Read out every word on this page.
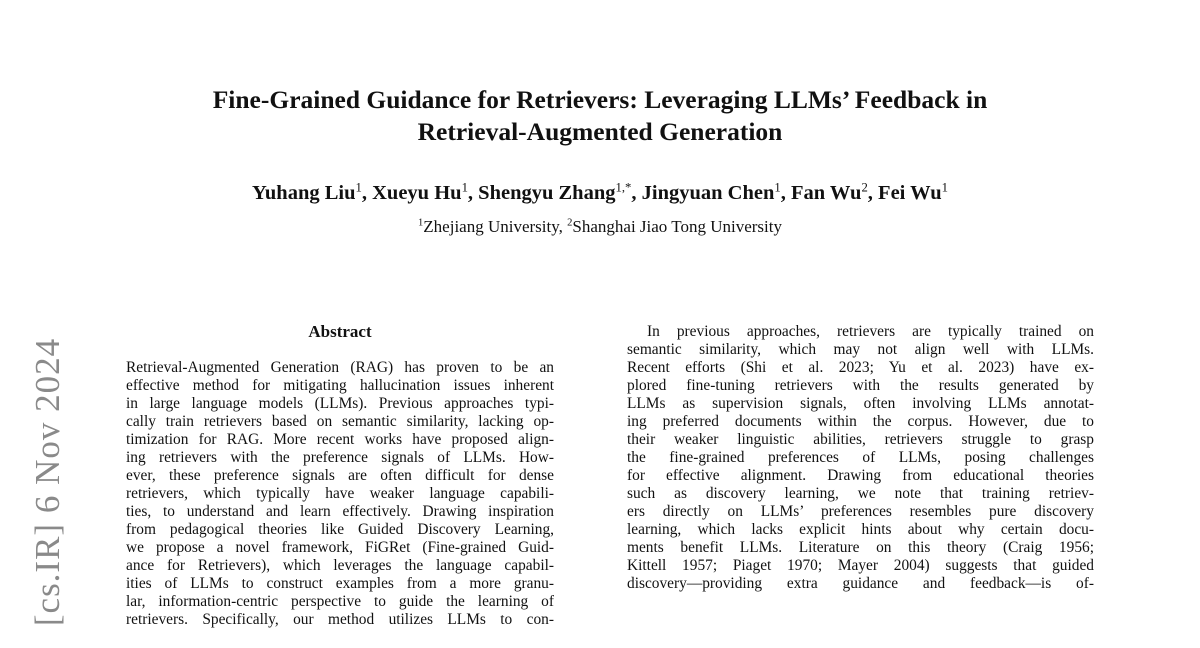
[cs.IR] 6 Nov 2024
Fine-Grained Guidance for Retrievers: Leveraging LLMs’ Feedback in
Retrieval-Augmented Generation
Yuhang Liu$^1$, Xueyu Hu$^1$, Shengyu Zhang$^{1,*}$, Jingyuan Chen$^1$, Fan Wu$^2$, Fei Wu$^1$
$^1$Zhejiang University, $^2$Shanghai Jiao Tong University
Abstract
Retrieval-Augmented Generation (RAG) has proven to be an
effective method for mitigating hallucination issues inherent
in large language models (LLMs). Previous approaches typi-
cally train retrievers based on semantic similarity, lacking op-
timization for RAG. More recent works have proposed align-
ing retrievers with the preference signals of LLMs. How-
ever, these preference signals are often difficult for dense
retrievers, which typically have weaker language capabili-
ties, to understand and learn effectively. Drawing inspiration
from pedagogical theories like Guided Discovery Learning,
we propose a novel framework, FiGRet (Fine-grained Guid-
ance for Retrievers), which leverages the language capabil-
ities of LLMs to construct examples from a more granu-
lar, information-centric perspective to guide the learning of
retrievers. Specifically, our method utilizes LLMs to con-
In previous approaches, retrievers are typically trained on
semantic similarity, which may not align well with LLMs.
Recent efforts (Shi et al. 2023; Yu et al. 2023) have ex-
plored fine-tuning retrievers with the results generated by
LLMs as supervision signals, often involving LLMs annotat-
ing preferred documents within the corpus. However, due to
their weaker linguistic abilities, retrievers struggle to grasp
the fine-grained preferences of LLMs, posing challenges
for effective alignment. Drawing from educational theories
such as discovery learning, we note that training retriev-
ers directly on LLMs’ preferences resembles pure discovery
learning, which lacks explicit hints about why certain docu-
ments benefit LLMs. Literature on this theory (Craig 1956;
Kittell 1957; Piaget 1970; Mayer 2004) suggests that guided
discovery—providing extra guidance and feedback—is of-
